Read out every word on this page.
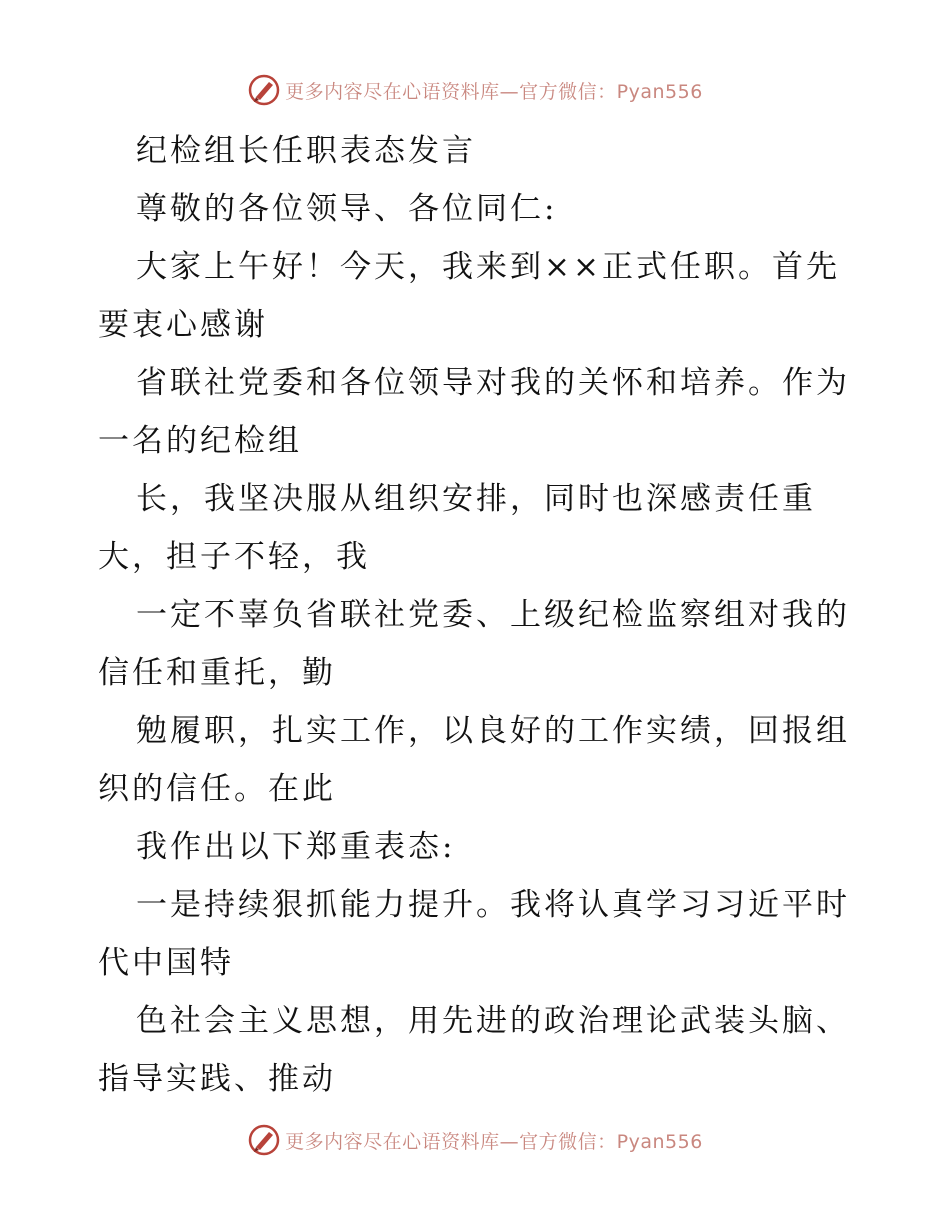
更多内容尽在心语资料库—官方微信：Pyan556

纪检组长任职表态发言

尊敬的各位领导、各位同仁:

大家上午好！今天，我来到××正式任职。首先

要衷心感谢

省联社党委和各位领导对我的关怀和培养。作为

一名的纪检组

长，我坚决服从组织安排，同时也深感责任重

大，担子不轻，我

一定不辜负省联社党委、上级纪检监察组对我的

信任和重托，勤

勉履职，扎实工作，以良好的工作实绩，回报组

织的信任。在此

我作出以下郑重表态:

一是持续狠抓能力提升。我将认真学习习近平时

代中国特

色社会主义思想，用先进的政治理论武装头脑、

指导实践、推动

更多内容尽在心语资料库—官方微信：Pyan556
